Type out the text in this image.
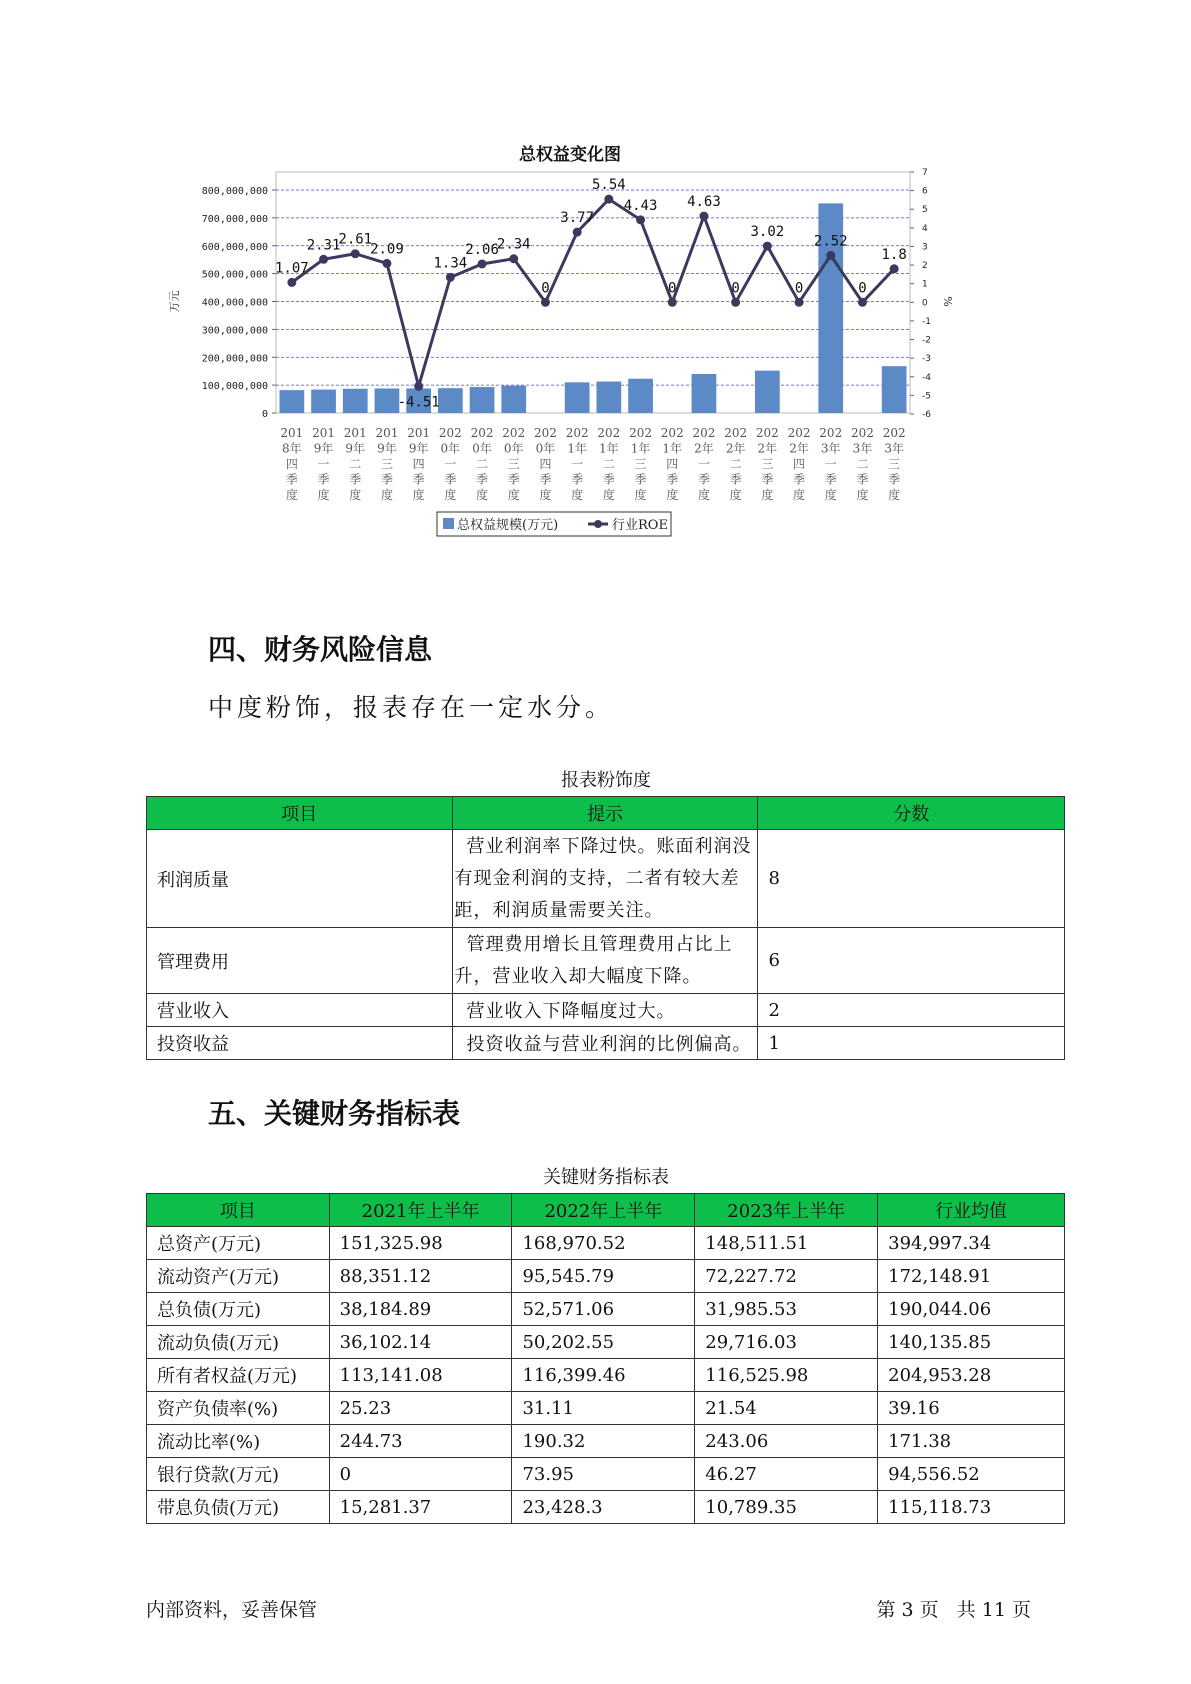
总权益变化图
0
100,000,000
200,000,000
300,000,000
400,000,000
500,000,000
600,000,000
700,000,000
800,000,000
-6
-5
-4
-3
-2
-1
0
1
2
3
4
5
6
7
万元	%
1.07
2.31
2.61
2.09
-4.51
1.34
2.06
2.34
0
3.77
5.54
4.43
0
4.63
0
3.02
0
2.52
0
1.8
201 8年四季度
201 9年一季度
201 9年二季度
201 9年三季度
201 9年四季度
202 0年一季度
202 0年二季度
202 0年三季度
202 0年四季度
202 1年一季度
202 1年二季度
202 1年三季度
202 1年四季度
202 2年一季度
202 2年二季度
202 2年三季度
202 2年四季度
202 3年一季度
202 3年二季度
202 3年三季度
总权益规模(万元)	行业ROE
四、财务风险信息

中度粉饰，报表存在一定水分。

报表粉饰度
项目	提示	分数
利润质量	营业利润率下降过快。账面利润没有现金利润的支持，二者有较大差距，利润质量需要关注。	8
管理费用	管理费用增长且管理费用占比上升，营业收入却大幅度下降。	6
营业收入	营业收入下降幅度过大。	2
投资收益	投资收益与营业利润的比例偏高。	1
五、关键财务指标表
关键财务指标表
项目	2021年上半年	2022年上半年	2023年上半年	行业均值
总资产(万元)	151,325.98	168,970.52	148,511.51	394,997.34
流动资产(万元)	88,351.12	95,545.79	72,227.72	172,148.91
总负债(万元)	38,184.89	52,571.06	31,985.53	190,044.06
流动负债(万元)	36,102.14	50,202.55	29,716.03	140,135.85
所有者权益(万元)	113,141.08	116,399.46	116,525.98	204,953.28
资产负债率(%)	25.23	31.11	21.54	39.16
流动比率(%)	244.73	190.32	243.06	171.38
银行贷款(万元)	0	73.95	46.27	94,556.52
带息负债(万元)	15,281.37	23,428.3	10,789.35	115,118.73
内部资料，妥善保管	第 3 页   共 11 页
